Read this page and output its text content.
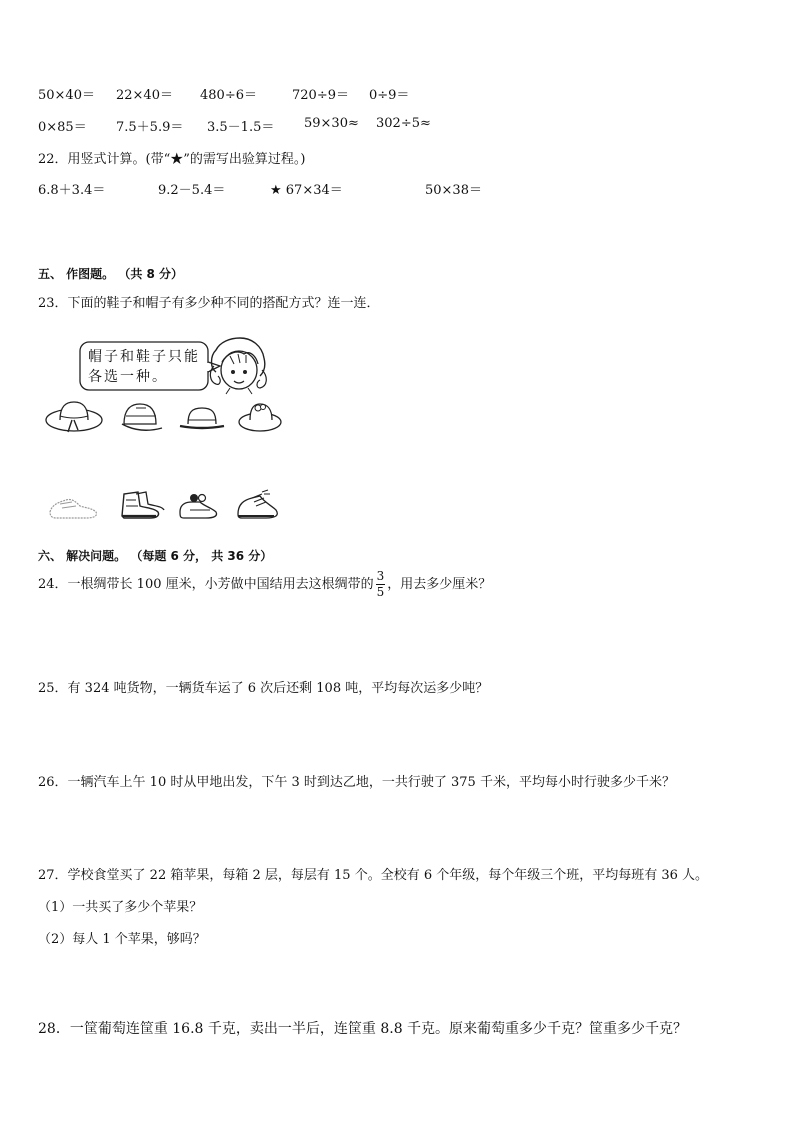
50×40＝ 22×40＝ 480÷6＝	720÷9＝ 0÷9＝
0×85＝ 7.5＋5.9＝ 3.5－1.5＝ 59×30≈ 302÷5≈
22．用竖式计算。(带“★”的需写出验算过程。)
6.8＋3.4＝	9.2－5.4＝	★ 67×34＝	50×38＝
五、 作图题。 （共 8 分）
23．下面的鞋子和帽子有多少种不同的搭配方式？连一连．
帽子和鞋子只能
各选一种。
六、 解决问题。 （每题 6 分， 共 36 分）
24．一根绸带长 100 厘米，小芳做中国结用去这根绸带的 $\frac{3}{5}$ ，用去多少厘米？
25．有 324 吨货物，一辆货车运了 6 次后还剩 108 吨，平均每次运多少吨？
26．一辆汽车上午 10 时从甲地出发，下午 3 时到达乙地，一共行驶了 375 千米，平均每小时行驶多少千米？
27．学校食堂买了 22 箱苹果，每箱 2 层，每层有 15 个。全校有 6 个年级，每个年级三个班，平均每班有 36 人。
（1）一共买了多少个苹果？
（2）每人 1 个苹果，够吗？
28．一筐葡萄连筐重 16.8 千克，卖出一半后，连筐重 8.8 千克。原来葡萄重多少千克？筐重多少千克？
